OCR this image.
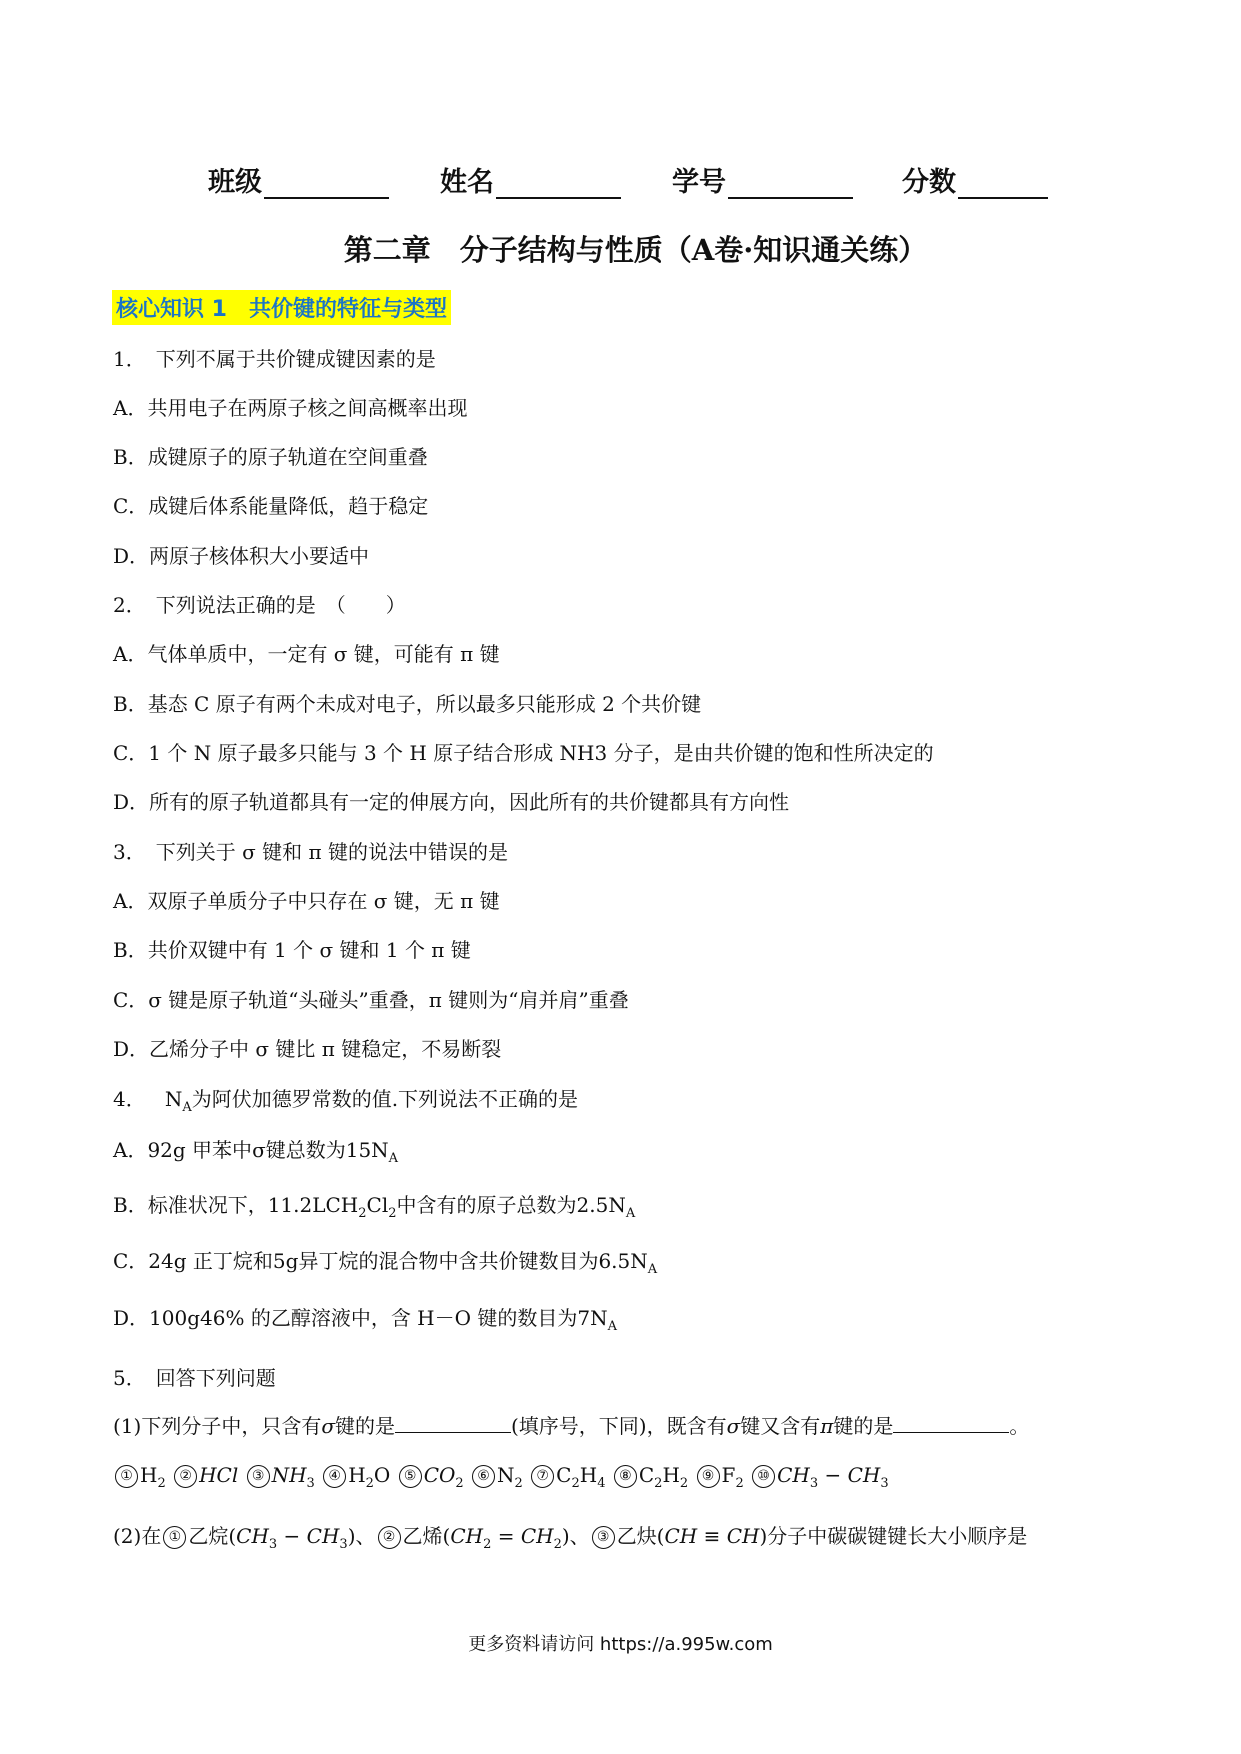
班级	姓名	学号	分数
第二章　分子结构与性质（A卷·知识通关练）
核心知识 1　共价键的特征与类型
1．　下列不属于共价键成键因素的是
A．共用电子在两原子核之间高概率出现
B．成键原子的原子轨道在空间重叠
C．成键后体系能量降低，趋于稳定
D．两原子核体积大小要适中
2．　下列说法正确的是　（　　）
A．气体单质中，一定有 σ 键，可能有 π 键
B．基态 C 原子有两个未成对电子，所以最多只能形成 2 个共价键
C．1 个 N 原子最多只能与 3 个 H 原子结合形成 NH3 分子，是由共价键的饱和性所决定的
D．所有的原子轨道都具有一定的伸展方向，因此所有的共价键都具有方向性
3．　下列关于 σ 键和 π 键的说法中错误的是
A．双原子单质分子中只存在 σ 键，无 π 键
B．共价双键中有 1 个 σ 键和 1 个 π 键
C．σ 键是原子轨道“头碰头”重叠，π 键则为“肩并肩”重叠
D．乙烯分子中 σ 键比 π 键稳定，不易断裂
4． $N_A$为阿伏加德罗常数的值.下列说法不正确的是
A．92g 甲苯中σ键总数为$15N_A$
B．标准状况下，$11.2LCH_2Cl_2$中含有的原子总数为$2.5N_A$
C．24g 正丁烷和5g异丁烷的混合物中含共价键数目为$6.5N_A$
D．100g46% 的乙醇溶液中，含 H－O 键的数目为$7N_A$
5．　回答下列问题
(1)下列分子中，只含有σ键的是	(填序号，下同)，既含有σ键又含有π键的是	。
① $H_2$ ② HCl ③ $NH_3$ ④ $H_2O$ ⑤ $CO_2$ ⑥ $N_2$ ⑦ $C_2H_4$ ⑧ $C_2H_2$ ⑨ $F_2$ ⑩ $CH_3 - CH_3$
(2)在 ① 乙烷$(CH_3 - CH_3)$、 ② 乙烯$(CH_2 = CH_2)$、 ③ 乙炔(CH ≡ CH)分子中碳碳键键长大小顺序是
更多资料请访问 https://a.995w.com
